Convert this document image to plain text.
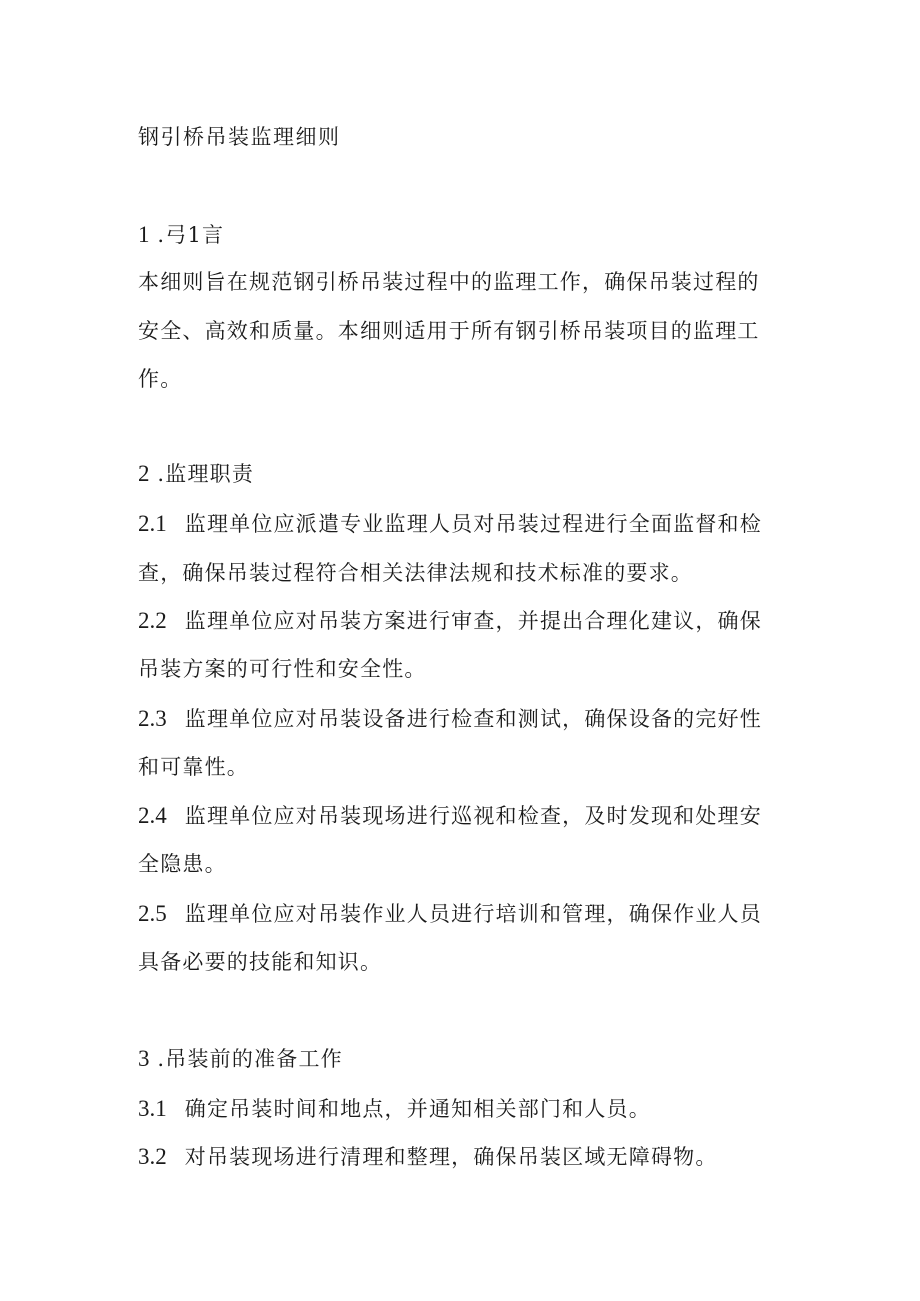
钢引桥吊装监理细则
1 .弓1言
本细则旨在规范钢引桥吊装过程中的监理工作，确保吊装过程的
安全、高效和质量。本细则适用于所有钢引桥吊装项目的监理工
作。
2 .监理职责
2.1 监理单位应派遣专业监理人员对吊装过程进行全面监督和检
查，确保吊装过程符合相关法律法规和技术标准的要求。
2.2 监理单位应对吊装方案进行审查，并提出合理化建议，确保
吊装方案的可行性和安全性。
2.3 监理单位应对吊装设备进行检查和测试，确保设备的完好性
和可靠性。
2.4 监理单位应对吊装现场进行巡视和检查，及时发现和处理安
全隐患。
2.5 监理单位应对吊装作业人员进行培训和管理，确保作业人员
具备必要的技能和知识。
3 .吊装前的准备工作
3.1 确定吊装时间和地点，并通知相关部门和人员。
3.2 对吊装现场进行清理和整理，确保吊装区域无障碍物。
